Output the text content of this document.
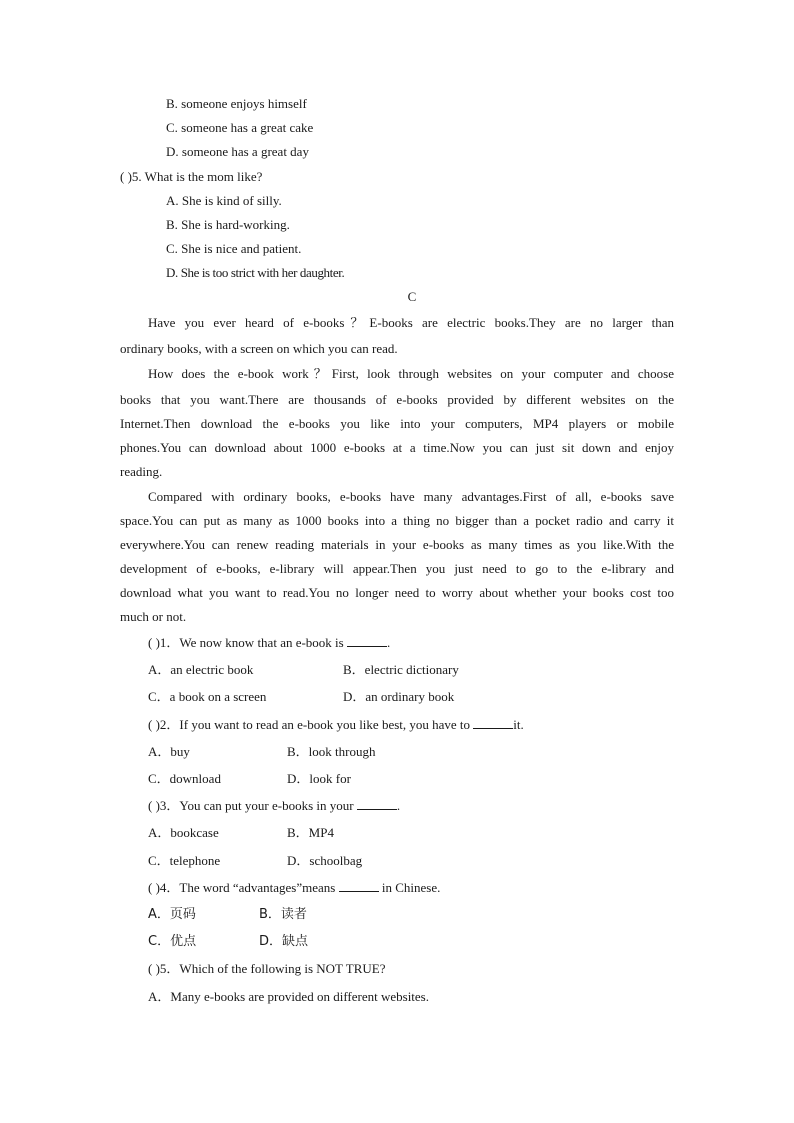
B. someone enjoys himself
C. someone has a great cake
D. someone has a great day
( )5. What is the mom like?
A. She is kind of silly.
B. She is hard-working.
C. She is nice and patient.
D. She is too strict with her daughter.
C
Have you ever heard of e-books？E-books are electric books.They are no larger than
ordinary books, with a screen on which you can read.
How does the e-book work？First, look through websites on your computer and choose
books that you want.There are thousands of e-books provided by different websites on the
Internet.Then download the e-books you like into your computers, MP4 players or mobile
phones.You can download about 1000 e-books at a time.Now you can just sit down and enjoy
reading.
Compared with ordinary books, e-books have many advantages.First of all, e-books save
space.You can put as many as 1000 books into a thing no bigger than a pocket radio and carry it
everywhere.You can renew reading materials in your e-books as many times as you like.With the
development of e-books, e-library will appear.Then you just need to go to the e-library and
download what you want to read.You no longer need to worry about whether your books cost too
much or not.
( )1．We now know that an e-book is	.
A．an electric book	B．electric dictionary
C．a book on a screen	D．an ordinary book
( )2．If you want to read an e-book you like best, you have to	it.
A．buy	B．look through
C．download	D．look for
( )3．You can put your e-books in your	.
A．bookcase	B．MP4
C．telephone	D．schoolbag
( )4．The word “advantages”means	in Chinese.
A．页码	B．读者
C．优点	D．缺点
( )5．Which of the following is NOT TRUE?
A．Many e-books are provided on different websites.
